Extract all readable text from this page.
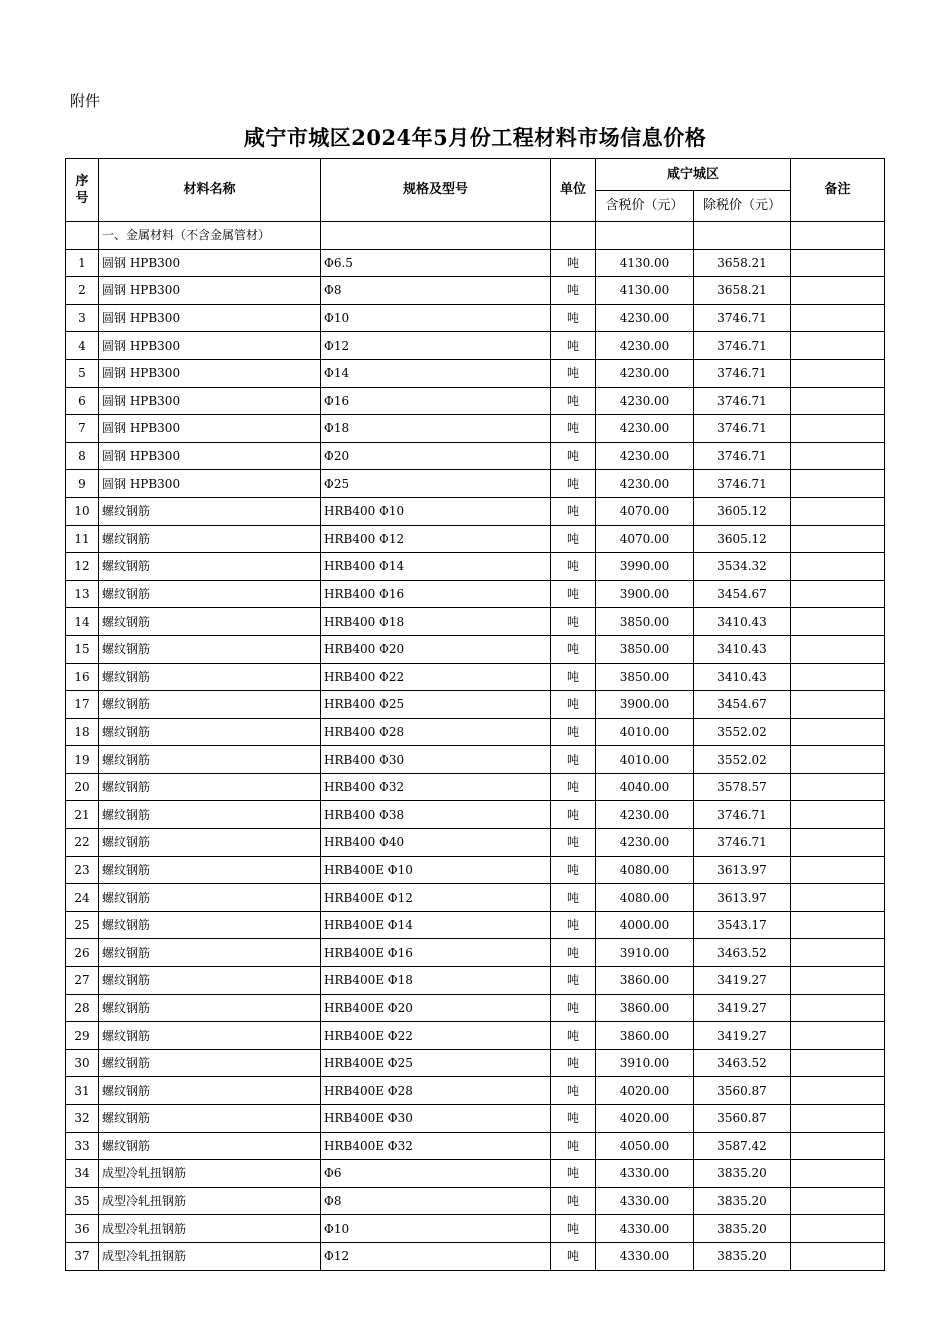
附件
咸宁市城区2024年5月份工程材料市场信息价格
序号	材料名称	规格及型号	单位	咸宁城区		备注
				含税价（元）	除税价（元）	
	一、金属材料（不含金属管材）					
1	圆钢 HPB300	Φ6.5	吨	4130.00	3658.21	
2	圆钢 HPB300	Φ8	吨	4130.00	3658.21	
3	圆钢 HPB300	Φ10	吨	4230.00	3746.71	
4	圆钢 HPB300	Φ12	吨	4230.00	3746.71	
5	圆钢 HPB300	Φ14	吨	4230.00	3746.71	
6	圆钢 HPB300	Φ16	吨	4230.00	3746.71	
7	圆钢 HPB300	Φ18	吨	4230.00	3746.71	
8	圆钢 HPB300	Φ20	吨	4230.00	3746.71	
9	圆钢 HPB300	Φ25	吨	4230.00	3746.71	
10	螺纹钢筋	HRB400 Φ10	吨	4070.00	3605.12	
11	螺纹钢筋	HRB400 Φ12	吨	4070.00	3605.12	
12	螺纹钢筋	HRB400 Φ14	吨	3990.00	3534.32	
13	螺纹钢筋	HRB400 Φ16	吨	3900.00	3454.67	
14	螺纹钢筋	HRB400 Φ18	吨	3850.00	3410.43	
15	螺纹钢筋	HRB400 Φ20	吨	3850.00	3410.43	
16	螺纹钢筋	HRB400 Φ22	吨	3850.00	3410.43	
17	螺纹钢筋	HRB400 Φ25	吨	3900.00	3454.67	
18	螺纹钢筋	HRB400 Φ28	吨	4010.00	3552.02	
19	螺纹钢筋	HRB400 Φ30	吨	4010.00	3552.02	
20	螺纹钢筋	HRB400 Φ32	吨	4040.00	3578.57	
21	螺纹钢筋	HRB400 Φ38	吨	4230.00	3746.71	
22	螺纹钢筋	HRB400 Φ40	吨	4230.00	3746.71	
23	螺纹钢筋	HRB400E Φ10	吨	4080.00	3613.97	
24	螺纹钢筋	HRB400E Φ12	吨	4080.00	3613.97	
25	螺纹钢筋	HRB400E Φ14	吨	4000.00	3543.17	
26	螺纹钢筋	HRB400E Φ16	吨	3910.00	3463.52	
27	螺纹钢筋	HRB400E Φ18	吨	3860.00	3419.27	
28	螺纹钢筋	HRB400E Φ20	吨	3860.00	3419.27	
29	螺纹钢筋	HRB400E Φ22	吨	3860.00	3419.27	
30	螺纹钢筋	HRB400E Φ25	吨	3910.00	3463.52	
31	螺纹钢筋	HRB400E Φ28	吨	4020.00	3560.87	
32	螺纹钢筋	HRB400E Φ30	吨	4020.00	3560.87	
33	螺纹钢筋	HRB400E Φ32	吨	4050.00	3587.42	
34	成型冷轧扭钢筋	Φ6	吨	4330.00	3835.20	
35	成型冷轧扭钢筋	Φ8	吨	4330.00	3835.20	
36	成型冷轧扭钢筋	Φ10	吨	4330.00	3835.20	
37	成型冷轧扭钢筋	Φ12	吨	4330.00	3835.20	
